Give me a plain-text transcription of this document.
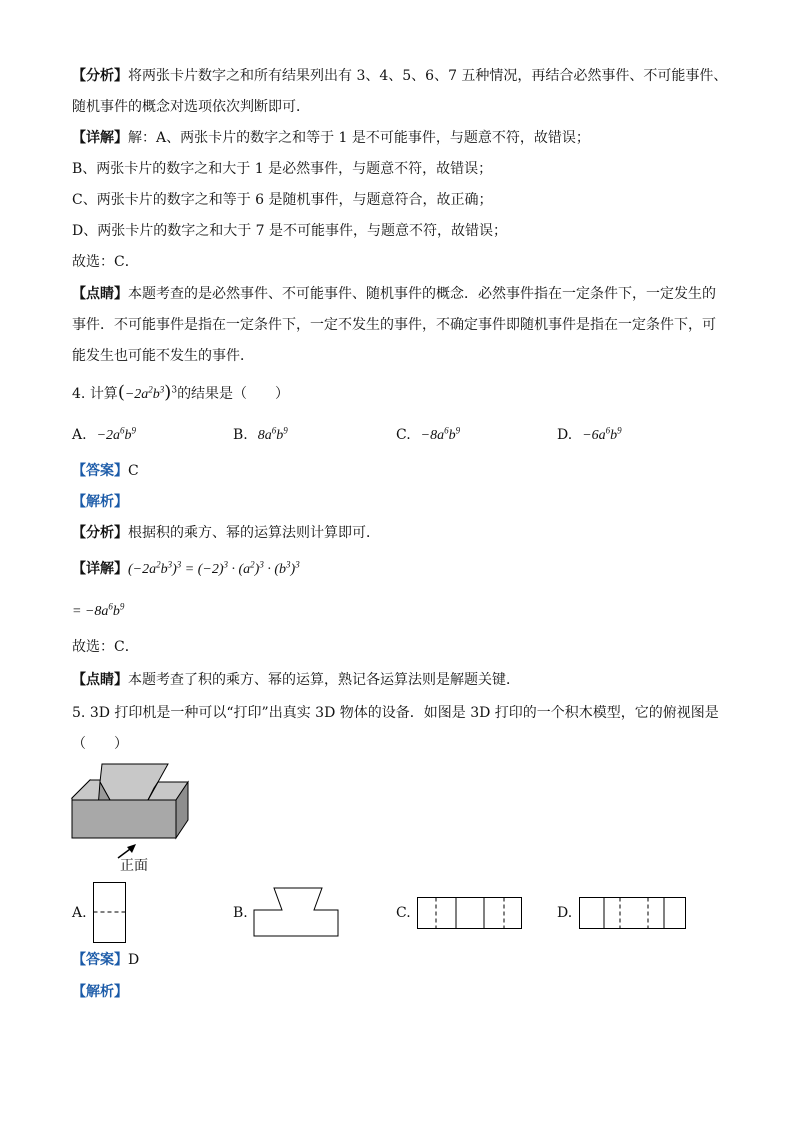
【分析】将两张卡片数字之和所有结果列出有 3、4、5、6、7 五种情况，再结合必然事件、不可能事件、
随机事件的概念对选项依次判断即可．
【详解】解：A、两张卡片的数字之和等于 1 是不可能事件，与题意不符，故错误；
B、两张卡片的数字之和大于 1 是必然事件，与题意不符，故错误；
C、两张卡片的数字之和等于 6 是随机事件，与题意符合，故正确；
D、两张卡片的数字之和大于 7 是不可能事件，与题意不符，故错误；
故选：C．
【点睛】本题考查的是必然事件、不可能事件、随机事件的概念．必然事件指在一定条件下，一定发生的
事件．不可能事件是指在一定条件下，一定不发生的事件，不确定事件即随机事件是指在一定条件下，可
能发生也可能不发生的事件．
4. 计算$(-2a^2b^3)^3$的结果是（　　）
A. $-2a^6b^9$	B. $8a^6b^9$	C. $-8a^6b^9$	D. $-6a^6b^9$
【答案】C
【解析】
【分析】根据积的乘方、幂的运算法则计算即可．
【详解】$(-2a^2b^3)^3 = (-2)^3 \cdot (a^2)^3 \cdot (b^3)^3$
= $-8a^6b^9$
故选：C．
【点睛】本题考查了积的乘方、幂的运算，熟记各运算法则是解题关键．
5. 3D 打印机是一种可以“打印”出真实 3D 物体的设备．如图是 3D 打印的一个积木模型，它的俯视图是
（　　）
正面
A.	B.	C.	D.
【答案】D
【解析】
